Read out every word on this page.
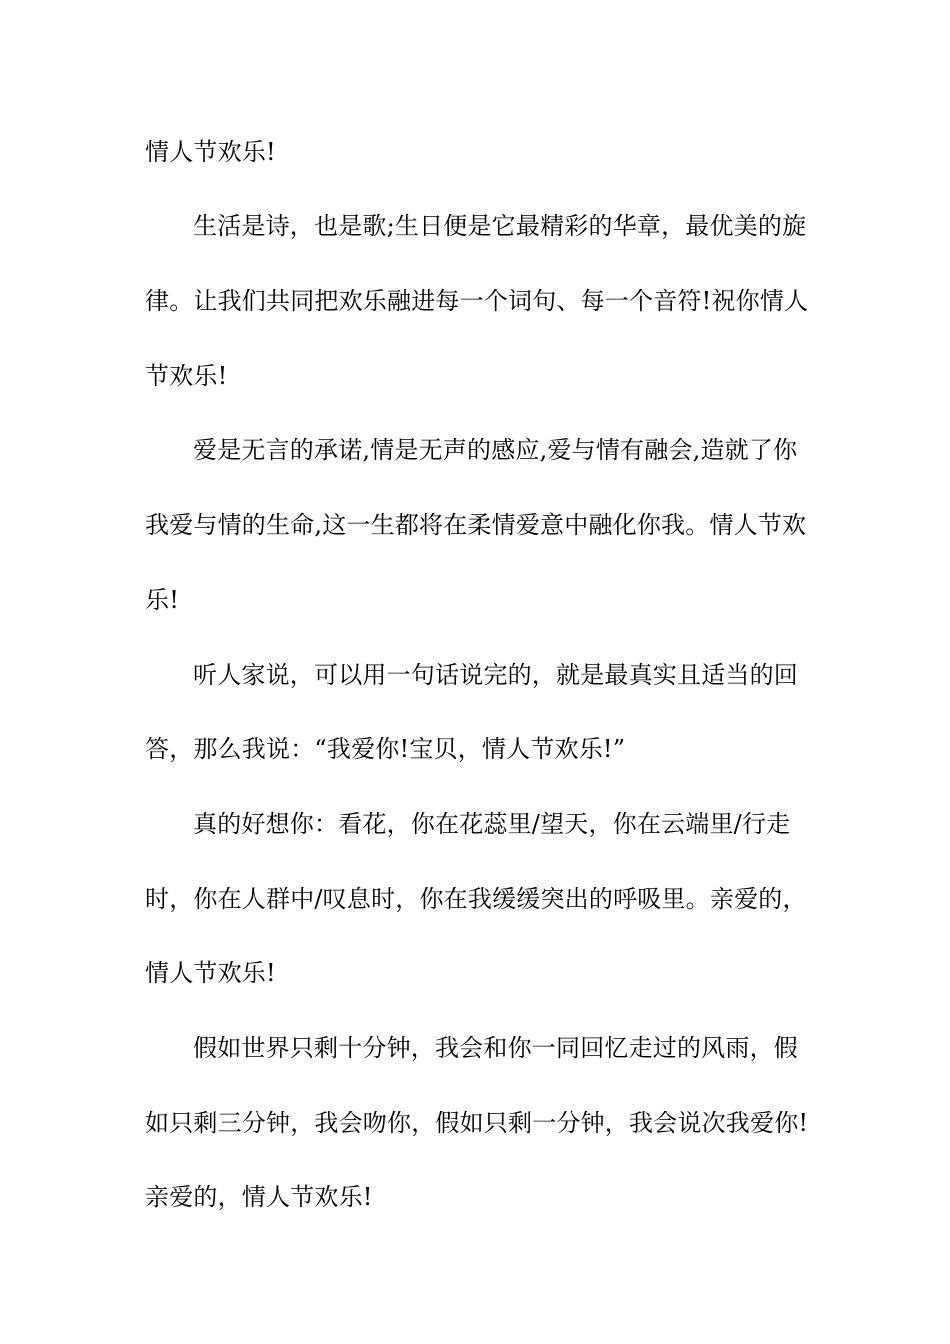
情人节欢乐!
生活是诗，也是歌;生日便是它最精彩的华章，最优美的旋
律。让我们共同把欢乐融进每一个词句、每一个音符!祝你情人
节欢乐!
爱是无言的承诺,情是无声的感应,爱与情有融会,造就了你
我爱与情的生命,这一生都将在柔情爱意中融化你我。情人节欢
乐!
听人家说，可以用一句话说完的，就是最真实且适当的回
答，那么我说：“我爱你!宝贝，情人节欢乐!”
真的好想你：看花，你在花蕊里/望天，你在云端里/行走
时，你在人群中/叹息时，你在我缓缓突出的呼吸里。亲爱的，
情人节欢乐!
假如世界只剩十分钟，我会和你一同回忆走过的风雨，假
如只剩三分钟，我会吻你，假如只剩一分钟，我会说次我爱你!
亲爱的，情人节欢乐!
